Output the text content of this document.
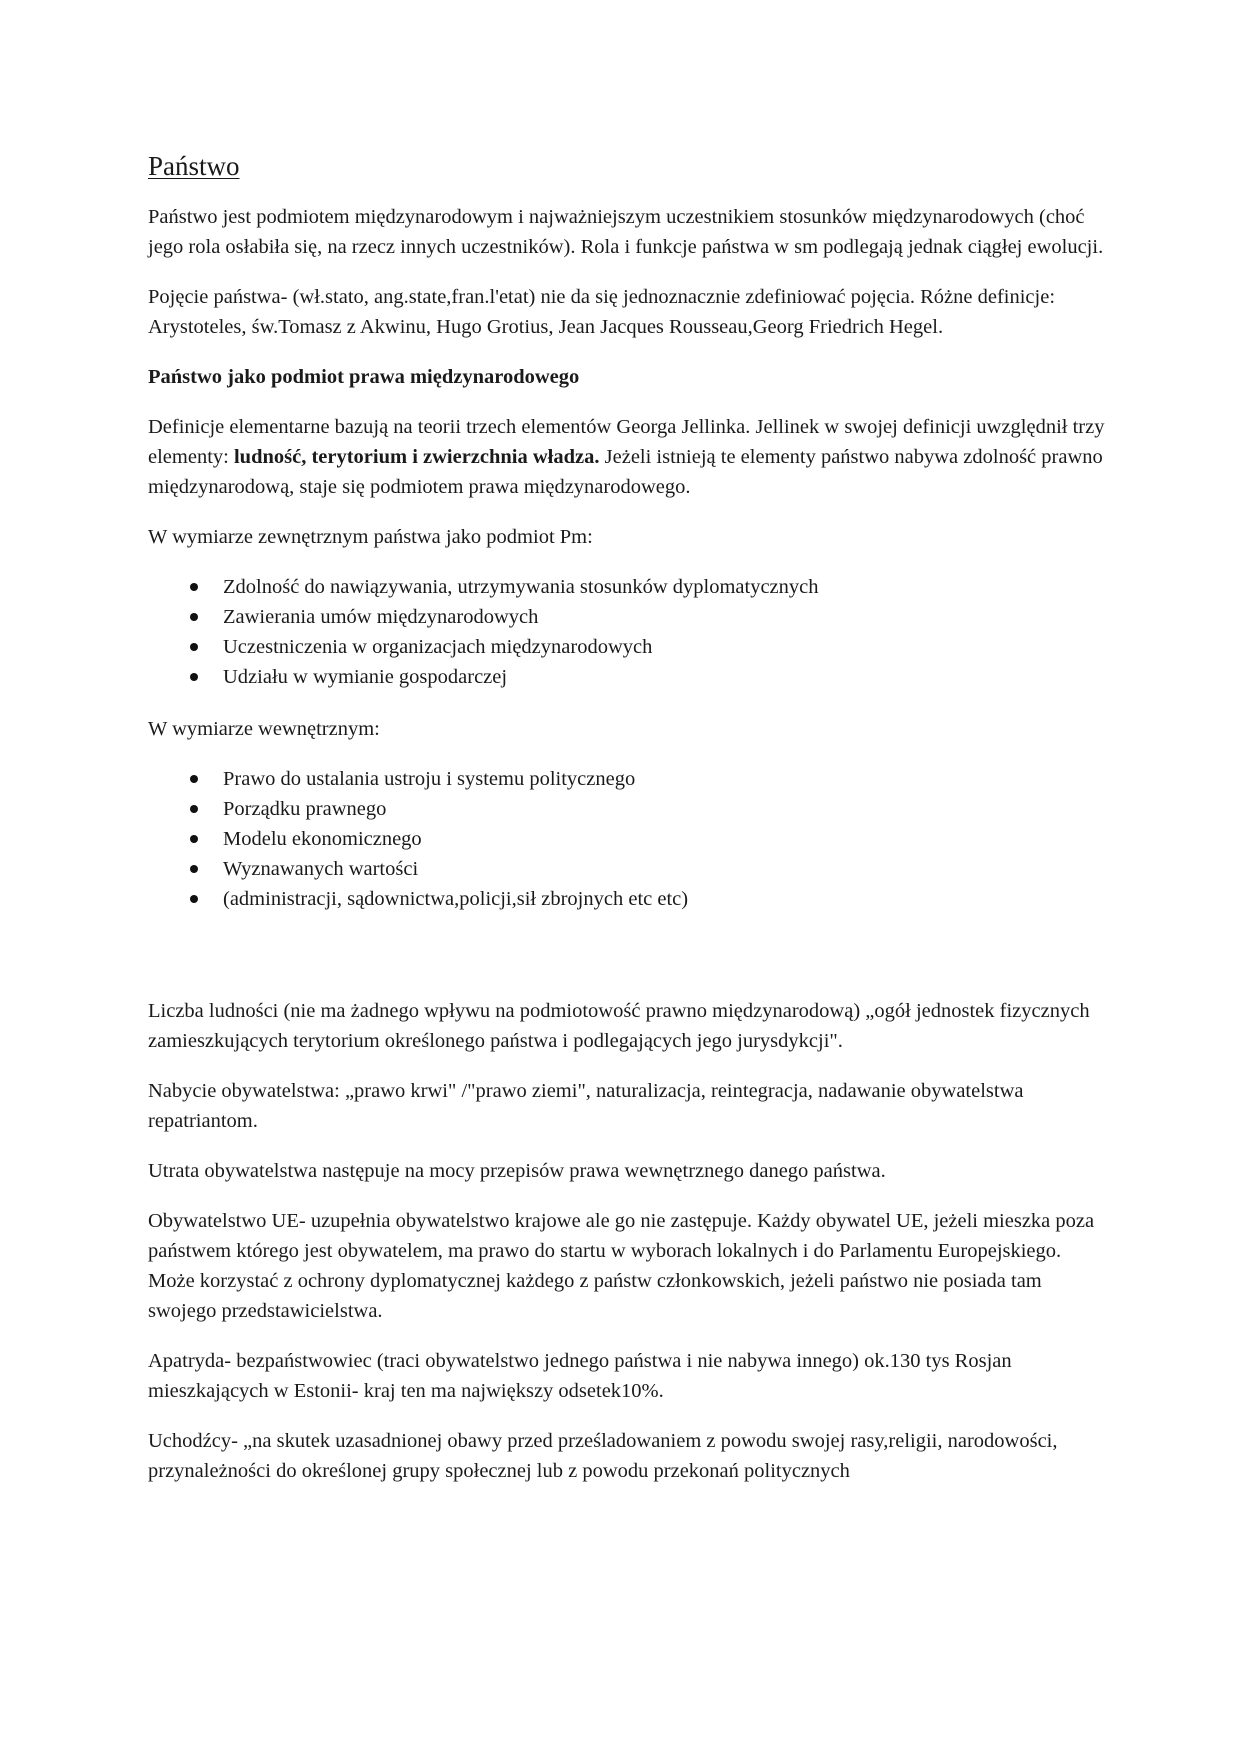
Państwo

Państwo jest podmiotem międzynarodowym i najważniejszym uczestnikiem stosunków międzynarodowych (choć jego rola osłabiła się, na rzecz innych uczestników). Rola i funkcje państwa w sm podlegają jednak ciągłej ewolucji.

Pojęcie państwa- (wł.stato, ang.state,fran.l'etat) nie da się jednoznacznie zdefiniować pojęcia. Różne definicje: Arystoteles, św.Tomasz z Akwinu, Hugo Grotius, Jean Jacques Rousseau,Georg Friedrich Hegel.

Państwo jako podmiot prawa międzynarodowego

Definicje elementarne bazują na teorii trzech elementów Georga Jellinka. Jellinek w swojej definicji uwzględnił trzy elementy: ludność, terytorium i zwierzchnia władza. Jeżeli istnieją te elementy państwo nabywa zdolność prawno międzynarodową, staje się podmiotem prawa międzynarodowego.

W wymiarze zewnętrznym państwa jako podmiot Pm:

Zdolność do nawiązywania, utrzymywania stosunków dyplomatycznych
Zawierania umów międzynarodowych
Uczestniczenia w organizacjach międzynarodowych
Udziału w wymianie gospodarczej

W wymiarze wewnętrznym:

Prawo do ustalania ustroju i systemu politycznego
Porządku prawnego
Modelu ekonomicznego
Wyznawanych wartości
(administracji, sądownictwa,policji,sił zbrojnych etc etc)

Liczba ludności (nie ma żadnego wpływu na podmiotowość prawno międzynarodową) „ogół jednostek fizycznych zamieszkujących terytorium określonego państwa i podlegających jego jurysdykcji".

Nabycie obywatelstwa: „prawo krwi" /"prawo ziemi", naturalizacja, reintegracja, nadawanie obywatelstwa repatriantom.

Utrata obywatelstwa następuje na mocy przepisów prawa wewnętrznego danego państwa.

Obywatelstwo UE- uzupełnia obywatelstwo krajowe ale go nie zastępuje. Każdy obywatel UE, jeżeli mieszka poza państwem którego jest obywatelem, ma prawo do startu w wyborach lokalnych i do Parlamentu Europejskiego. Może korzystać z ochrony dyplomatycznej każdego z państw członkowskich, jeżeli państwo nie posiada tam swojego przedstawicielstwa.

Apatryda- bezpaństwowiec (traci obywatelstwo jednego państwa i nie nabywa innego) ok.130 tys Rosjan mieszkających w Estonii- kraj ten ma największy odsetek10%.

Uchodźcy- „na skutek uzasadnionej obawy przed prześladowaniem z powodu swojej rasy,religii, narodowości, przynależności do określonej grupy społecznej lub z powodu przekonań politycznych
